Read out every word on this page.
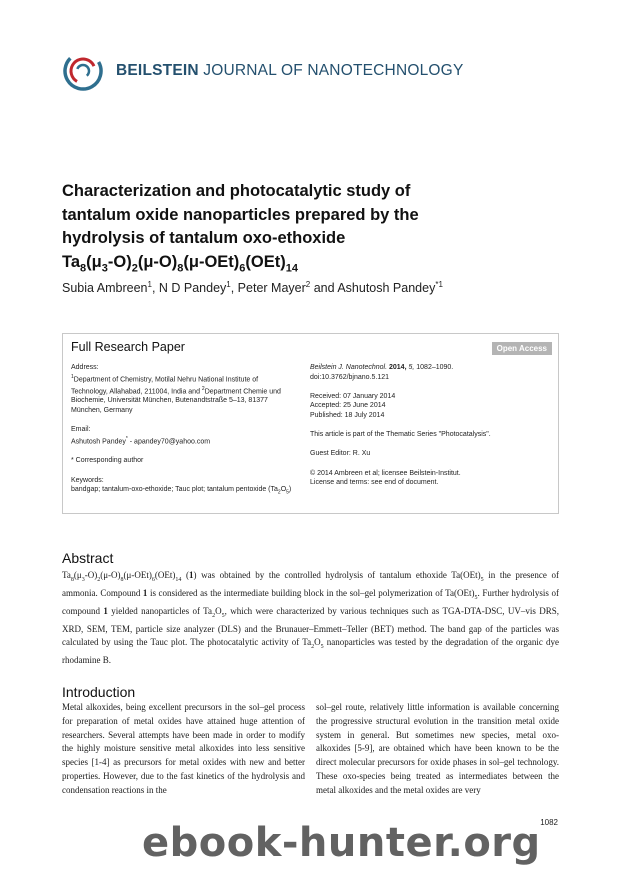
BEILSTEIN JOURNAL OF NANOTECHNOLOGY
Characterization and photocatalytic study of
tantalum oxide nanoparticles prepared by the
hydrolysis of tantalum oxo-ethoxide
$Ta_8(\mu_3-O)_2(\mu-O)_8(\mu-OEt)_6(OEt)_{14}$
Subia Ambreen$^1$, N D Pandey$^1$, Peter Mayer$^2$ and Ashutosh Pandey$^{*1}$
Full Research Paper	Open Access

Address:

$^1$Department of Chemistry, Motilal Nehru National Institute of Technology, Allahabad, 211004, India and $^2$Department Chemie und Biochemie, Universität München, Butenandtstraße 5–13, 81377 München, Germany

Email:

Ashutosh Pandey* - apandey70@yahoo.com

* Corresponding author

Keywords:

bandgap; tantalum-oxo-ethoxide; Tauc plot; tantalum pentoxide $(Ta_2O_5)$

Beilstein J. Nanotechnol. 2014, 5, 1082–1090.

doi:10.3762/bjnano.5.121

Received: 07 January 2014

Accepted: 25 June 2014

Published: 18 July 2014

This article is part of the Thematic Series "Photocatalysis".

Guest Editor: R. Xu

© 2014 Ambreen et al; licensee Beilstein-Institut.

License and terms: see end of document.

Abstract
$Ta_8(\mu_3-O)_2(\mu-O)_8(\mu-OEt)_6(OEt)_{14}$ (1) was obtained by the controlled hydrolysis of tantalum ethoxide $Ta(OEt)_5$ in the presence of ammonia. Compound 1 is considered as the intermediate building block in the sol–gel polymerization of $Ta(OEt)_5$. Further hydrolysis of compound 1 yielded nanoparticles of $Ta_2O_5$, which were characterized by various techniques such as TGA-DTA-DSC, UV–vis DRS, XRD, SEM, TEM, particle size analyzer (DLS) and the Brunauer–Emmett–Teller (BET) method. The band gap of the particles was calculated by using the Tauc plot. The photocatalytic activity of $Ta_2O_5$ nanoparticles was tested by the degradation of the organic dye rhodamine B.
Introduction
Metal alkoxides, being excellent precursors in the sol–gel process for preparation of metal oxides have attained huge attention of researchers. Several attempts have been made in order to modify the highly moisture sensitive metal alkoxides into less sensitive species [1-4] as precursors for metal oxides with new and better properties. However, due to the fast kinetics of the hydrolysis and condensation reactions in the
sol–gel route, relatively little information is available concerning the progressive structural evolution in the transition metal oxide system in general. But sometimes new species, metal oxo-alkoxides [5-9], are obtained which have been known to be the direct molecular precursors for oxide phases in sol–gel technology. These oxo-species being treated as intermediates between the metal alkoxides and the metal oxides are very
1082
ebook-hunter.org
